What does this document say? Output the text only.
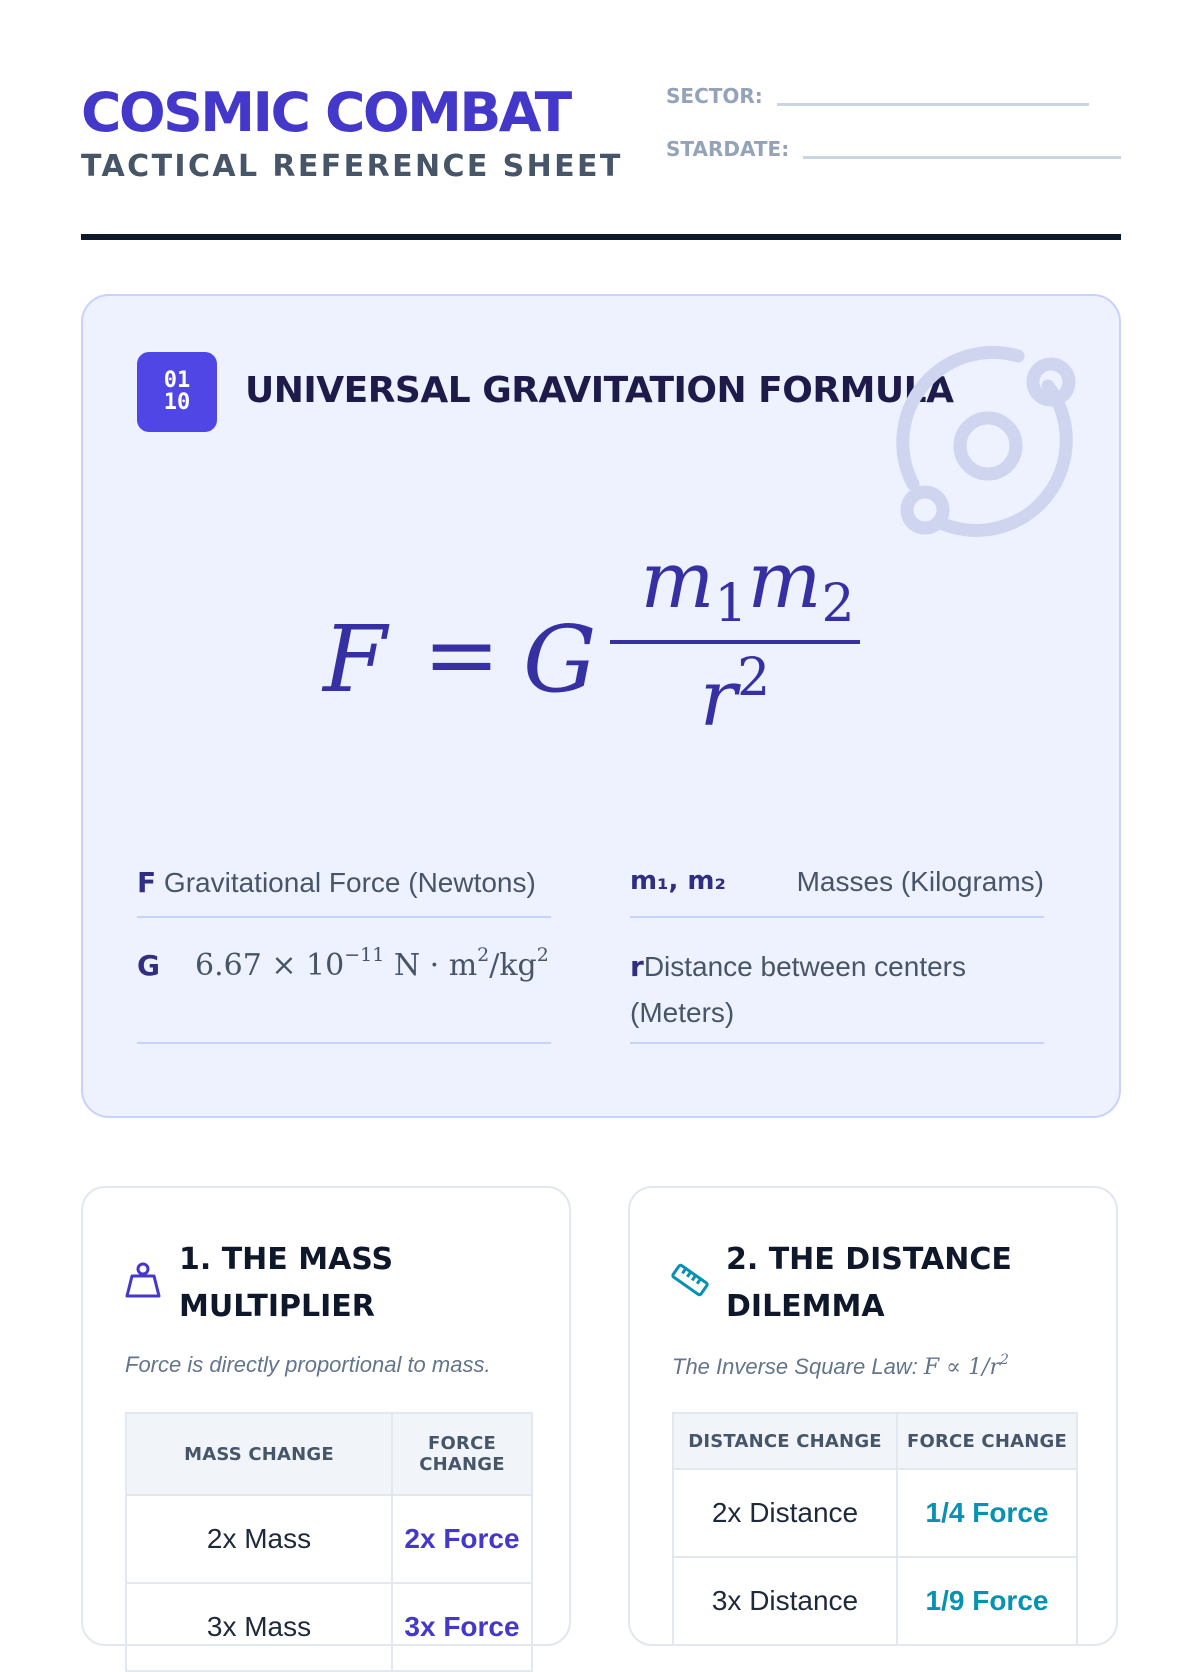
COSMIC COMBAT
TACTICAL REFERENCE SHEET
SECTOR:
STARDATE:
01
10 UNIVERSAL GRAVITATION FORMULA
F = G
$m_1m_2$
$r^2$
F Gravitational Force (Newtons)	m₁, m₂	Masses (Kilograms)
G $6.67 \times 10^{-11}$ $N \cdot m^2/kg^2$	rDistance between centers (Meters)
1. THE MASS MULTIPLIER
Force is directly proportional to mass.
MASS CHANGE	FORCE CHANGE
2x Mass	2x Force
3x Mass	3x Force
2. THE DISTANCE DILEMMA
The Inverse Square Law: $F \propto 1/r^2$
DISTANCE CHANGE	FORCE CHANGE
2x Distance	1/4 Force
3x Distance	1/9 Force
